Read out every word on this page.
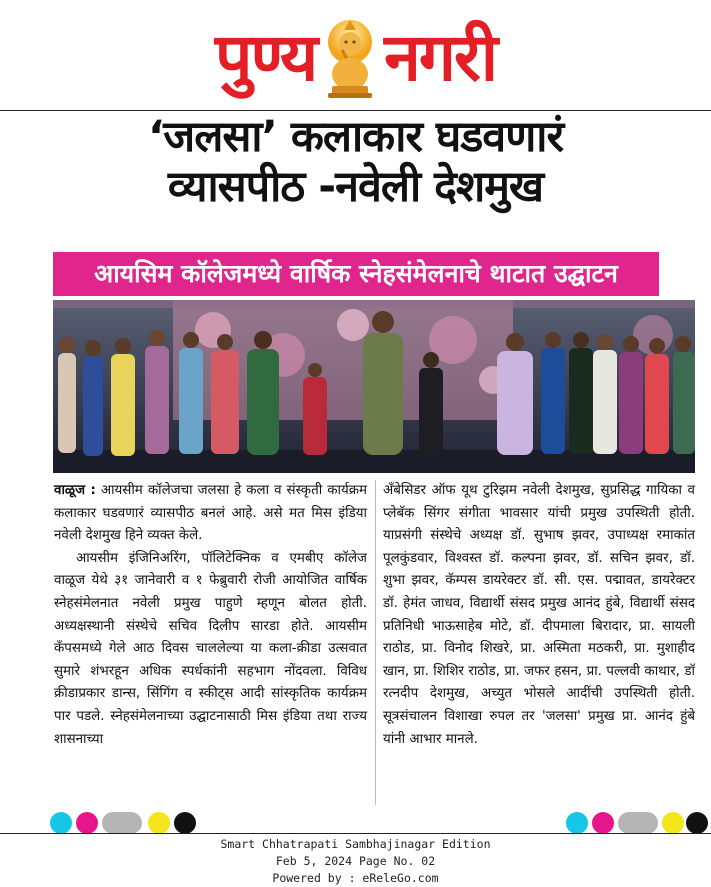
पुण्य नगरी
‘जलसा’ कलाकार घडवणारं
व्यासपीठ -नवेली देशमुख
आयसिम कॉलेजमध्ये वार्षिक स्नेहसंमेलनाचे थाटात उद्घाटन

वाळूज : आयसीम कॉलेजचा जलसा हे कला व संस्कृती कार्यक्रम कलाकार घडवणारं व्यासपीठ बनलं आहे. असे मत मिस इंडिया नवेली देशमुख हिने व्यक्त केले.

आयसीम इंजिनिअरिंग, पॉलिटेक्निक व एमबीए कॉलेज वाळूज येथे ३१ जानेवारी व १ फेब्रुवारी रोजी आयोजित वार्षिक स्नेहसंमेलनात नवेली प्रमुख पाहुणे म्हणून बोलत होती. अध्यक्षस्थानी संस्थेचे सचिव दिलीप सारडा होते. आयसीम कॅंपसमध्ये गेले आठ दिवस चाललेल्या या कला-क्रीडा उत्सवात सुमारे शंभरहून अधिक स्पर्धकांनी सहभाग नोंदवला. विविध क्रीडाप्रकार डान्स, सिंगिंग व स्कीट्स आदी सांस्कृतिक कार्यक्रम पार पडले. स्नेहसंमेलनाच्या उद्घाटनासाठी मिस इंडिया तथा राज्य शासनाच्या

अँबेसिडर ऑफ यूथ टुरिझम नवेली देशमुख, सुप्रसिद्ध गायिका व प्लेबॅक सिंगर संगीता भावसार यांची प्रमुख उपस्थिती होती. याप्रसंगी संस्थेचे अध्यक्ष डॉ. सुभाष झवर, उपाध्यक्ष रमाकांत पूलकुंडवार, विश्वस्त डॉ. कल्पना झवर, डॉ. सचिन झवर, डॉ. शुभा झवर, कॅम्पस डायरेक्टर डॉ. सी. एस. पद्मावत, डायरेक्टर डॉ. हेमंत जाधव, विद्यार्थी संसद प्रमुख आनंद हुंबे, विद्यार्थी संसद प्रतिनिधी भाऊसाहेब मोटे, डॉ. दीपमाला बिरादार, प्रा. सायली राठोड, प्रा. विनोद शिखरे, प्रा. अस्मिता मठकरी, प्रा. मुशाहीद खान, प्रा. शिशिर राठोड, प्रा. जफर हसन, प्रा. पल्लवी काथार, डॉ रत्नदीप देशमुख, अच्युत भोसले आदींची उपस्थिती होती. सूत्रसंचालन विशाखा रुपल तर 'जलसा' प्रमुख प्रा. आनंद हुंबे यांनी आभार मानले.

Smart Chhatrapati Sambhajinagar Edition
Feb 5, 2024 Page No. 02
Powered by : eReleGo.com
